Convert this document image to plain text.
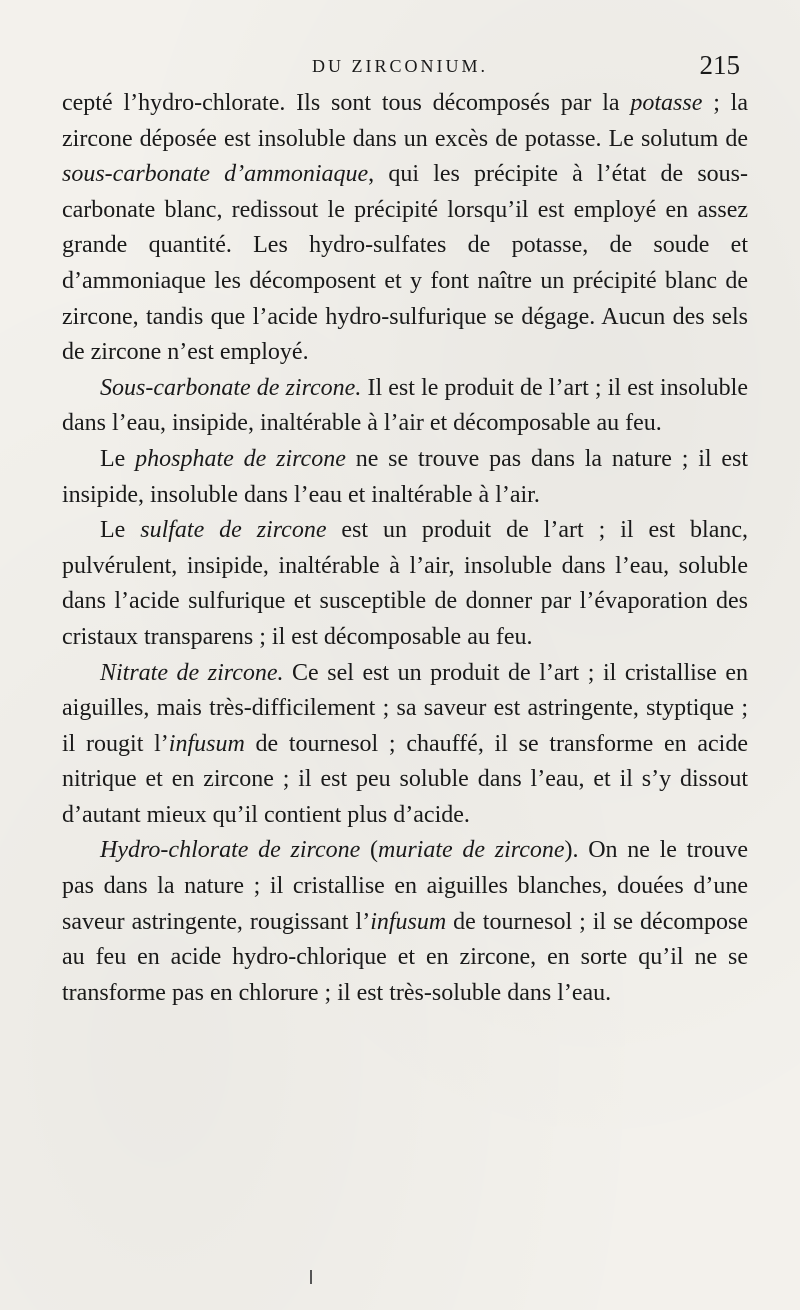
DU ZIRCONIUM.	215

cepté l’hydro-chlorate. Ils sont tous décomposés par la potasse ; la zircone déposée est insoluble dans un excès de potasse. Le solutum de sous-carbonate d’ammoniaque, qui les précipite à l’état de sous-carbonate blanc, redissout le précipité lorsqu’il est employé en assez grande quantité. Les hydro-sulfates de potasse, de soude et d’ammoniaque les décomposent et y font naître un précipité blanc de zircone, tandis que l’acide hydro-sulfurique se dégage. Aucun des sels de zircone n’est employé.

Sous-carbonate de zircone. Il est le produit de l’art ; il est insoluble dans l’eau, insipide, inaltérable à l’air et décomposable au feu.

Le phosphate de zircone ne se trouve pas dans la nature ; il est insipide, insoluble dans l’eau et inaltérable à l’air.

Le sulfate de zircone est un produit de l’art ; il est blanc, pulvérulent, insipide, inaltérable à l’air, insoluble dans l’eau, soluble dans l’acide sulfurique et susceptible de donner par l’évaporation des cristaux transparens ; il est décomposable au feu.

Nitrate de zircone. Ce sel est un produit de l’art ; il cristallise en aiguilles, mais très-difficilement ; sa saveur est astringente, styptique ; il rougit l’infusum de tournesol ; chauffé, il se transforme en acide nitrique et en zircone ; il est peu soluble dans l’eau, et il s’y dissout d’autant mieux qu’il contient plus d’acide.

Hydro-chlorate de zircone (muriate de zircone). On ne le trouve pas dans la nature ; il cristallise en aiguilles blanches, douées d’une saveur astringente, rougissant l’infusum de tournesol ; il se décompose au feu en acide hydro-chlorique et en zircone, en sorte qu’il ne se transforme pas en chlorure ; il est très-soluble dans l’eau.
